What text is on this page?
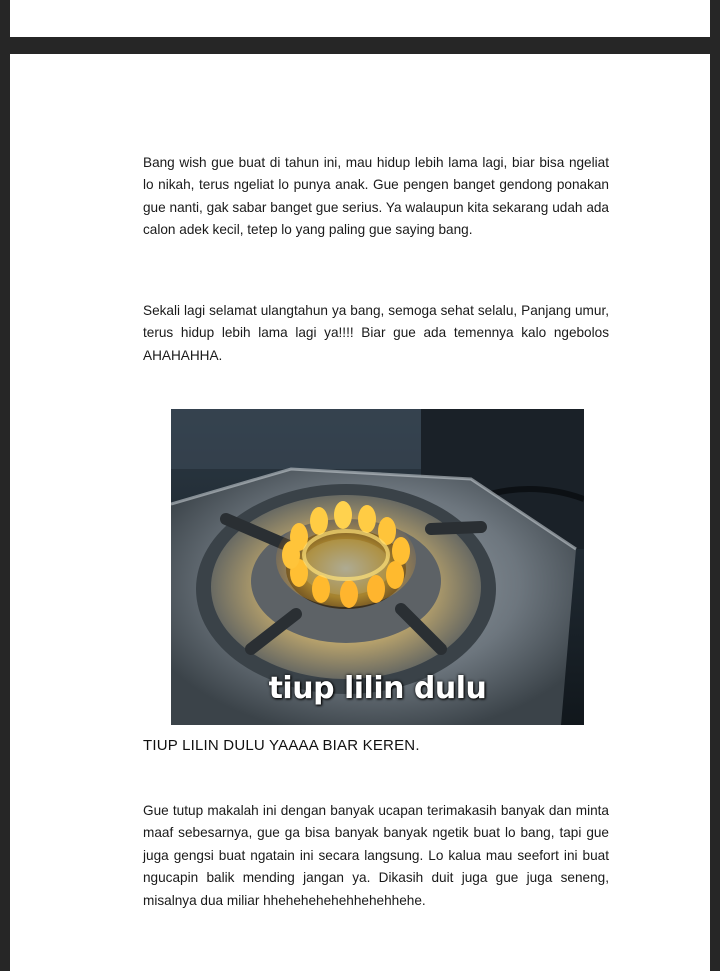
Bang wish gue buat di tahun ini, mau hidup lebih lama lagi, biar bisa ngeliat lo nikah, terus ngeliat lo punya anak. Gue pengen banget gendong ponakan gue nanti, gak sabar banget gue serius. Ya walaupun kita sekarang udah ada calon adek kecil, tetep lo yang paling gue saying bang.

Sekali lagi selamat ulangtahun ya bang, semoga sehat selalu, Panjang umur, terus hidup lebih lama lagi ya!!!! Biar gue ada temennya kalo ngebolos AHAHAHHA.

tiup lilin dulu
TIUP LILIN DULU YAAAA BIAR KEREN.

Gue tutup makalah ini dengan banyak ucapan terimakasih banyak dan minta maaf sebesarnya, gue ga bisa banyak banyak ngetik buat lo bang, tapi gue juga gengsi buat ngatain ini secara langsung. Lo kalua mau seefort ini buat ngucapin balik mending jangan ya. Dikasih duit juga gue juga seneng, misalnya dua miliar hhehehehehehhehehhehe.
